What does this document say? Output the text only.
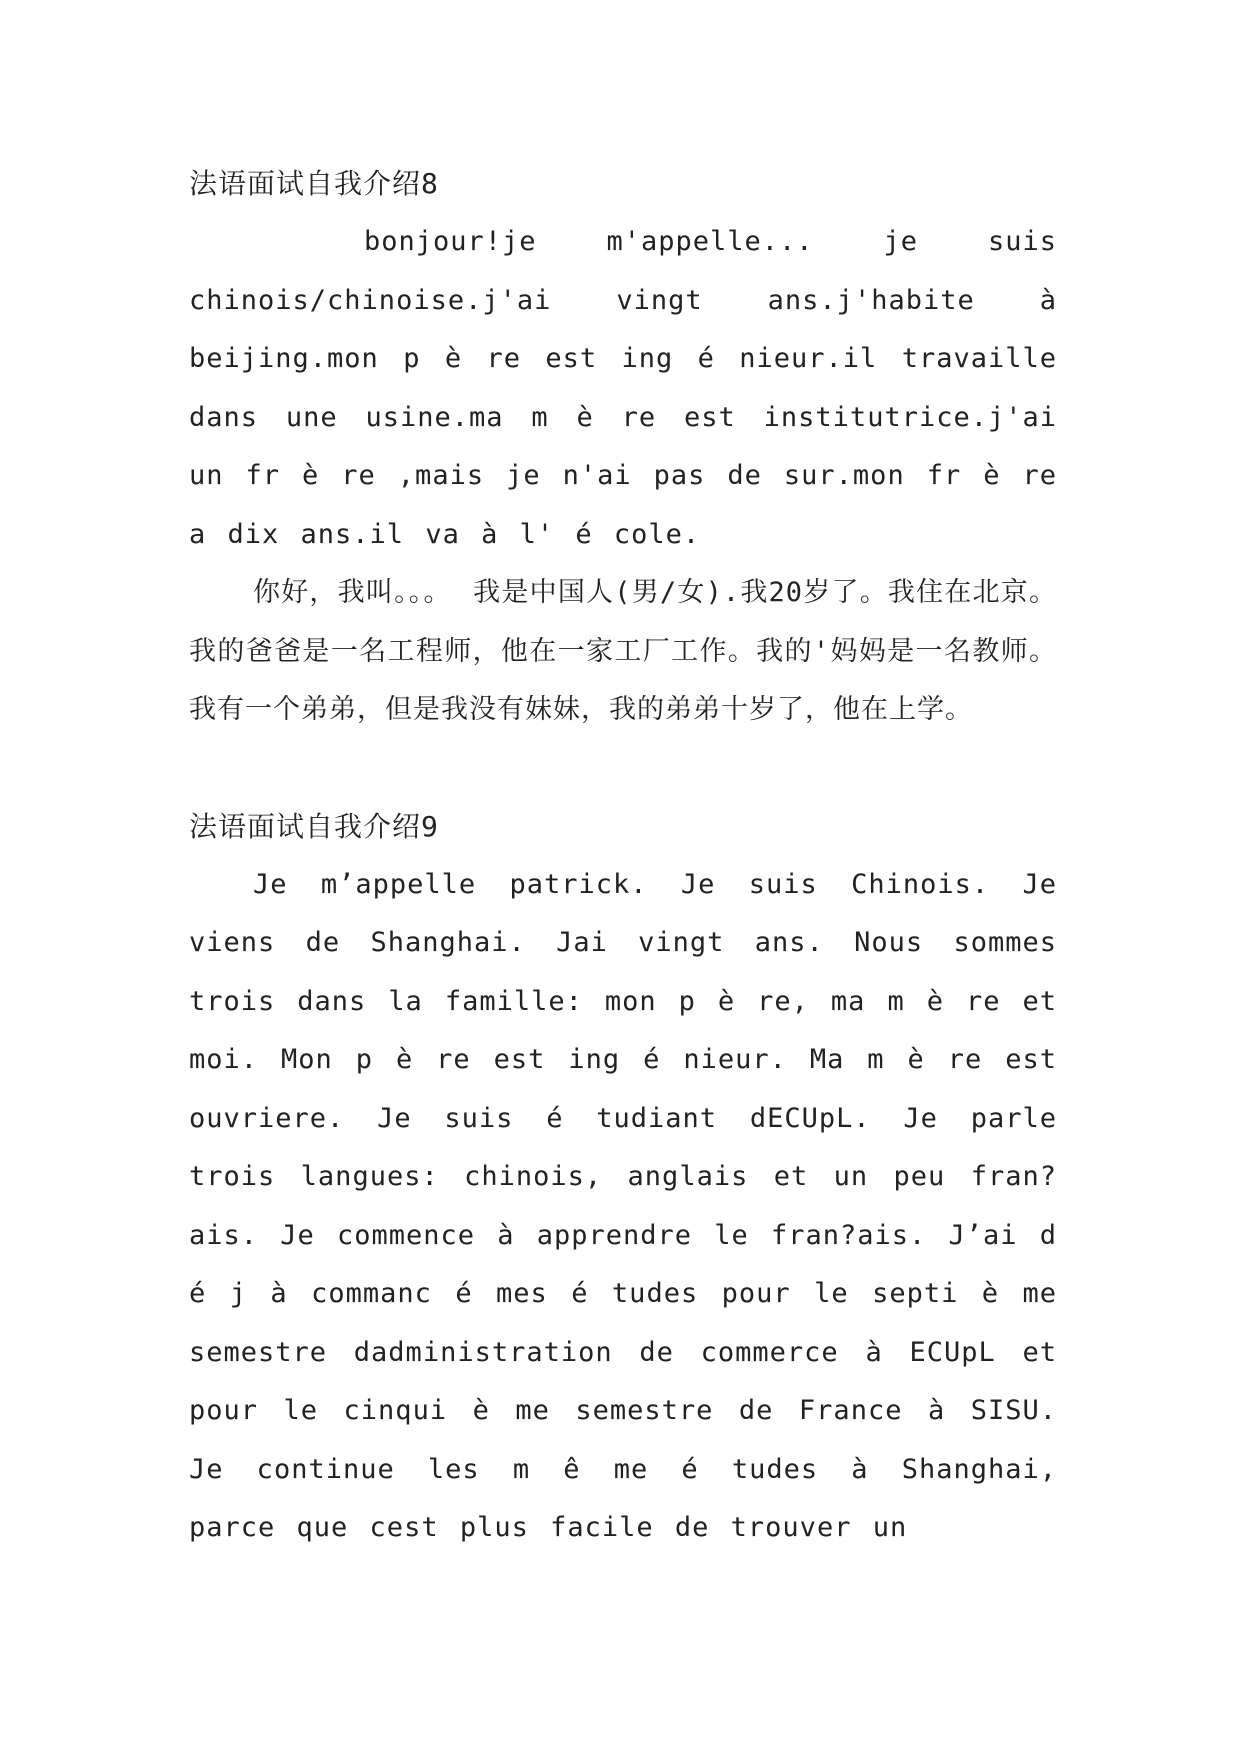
法语面试自我介绍8

bonjour!je m'appelle... je suis chinois/chinoise.j'ai vingt ans.j'habite à beijing.mon p è re est ing é nieur.il travaille dans une usine.ma m è re est institutrice.j'ai un fr è re ,mais je n'ai pas de sur.mon fr è re a dix ans.il va à l' é cole.

你好，我叫。。。 我是中国人(男/女).我20岁了。我住在北京。我的爸爸是一名工程师，他在一家工厂工作。我的'妈妈是一名教师。我有一个弟弟，但是我没有妹妹，我的弟弟十岁了，他在上学。

法语面试自我介绍9

Je m’appelle patrick. Je suis Chinois. Je viens de Shanghai. Jai vingt ans. Nous sommes trois dans la famille: mon p è re, ma m è re et moi. Mon p è re est ing é nieur. Ma m è re est ouvriere. Je suis é tudiant dECUpL. Je parle trois langues: chinois, anglais et un peu fran?ais. Je commence à apprendre le fran?ais. J’ai d é j à commanc é mes é tudes pour le septi è me semestre dadministration de commerce à ECUpL et pour le cinqui è me semestre de France à SISU. Je continue les m ê me é tudes à Shanghai, parce que cest plus facile de trouver un
